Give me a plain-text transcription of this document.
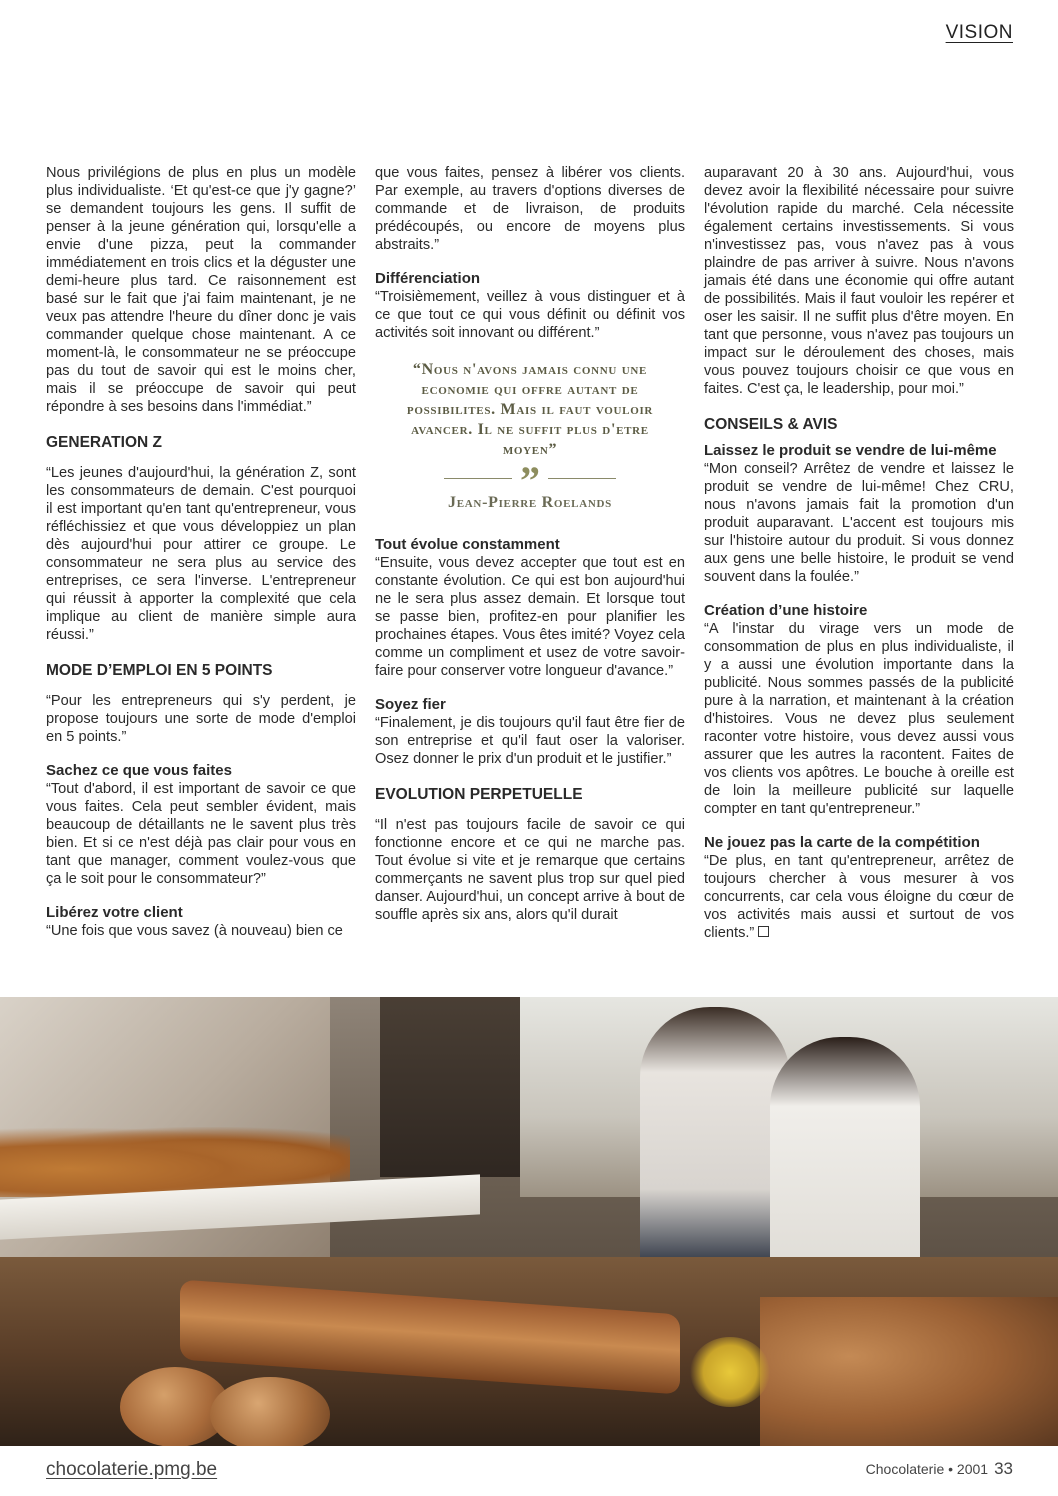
VISION

Nous privilégions de plus en plus un modèle plus individualiste. ‘Et qu'est-ce que j'y gagne?’ se demandent toujours les gens. Il suffit de penser à la jeune génération qui, lorsqu'elle a envie d'une pizza, peut la commander immédiatement en trois clics et la déguster une demi-heure plus tard. Ce raisonnement est basé sur le fait que j'ai faim maintenant, je ne veux pas attendre l'heure du dîner donc je vais commander quelque chose maintenant. A ce moment-là, le consommateur ne se préoccupe pas du tout de savoir qui est le moins cher, mais il se préoccupe de savoir qui peut répondre à ses besoins dans l'immédiat.”

GENERATION Z

“Les jeunes d'aujourd'hui, la génération Z, sont les consommateurs de demain. C'est pourquoi il est important qu'en tant qu'entrepreneur, vous réfléchissiez et que vous développiez un plan dès aujourd'hui pour attirer ce groupe. Le consommateur ne sera plus au service des entreprises, ce sera l'inverse. L'entrepreneur qui réussit à apporter la complexité que cela implique au client de manière simple aura réussi.”

MODE D’EMPLOI EN 5 POINTS

“Pour les entrepreneurs qui s'y perdent, je propose toujours une sorte de mode d'emploi en 5 points.”

Sachez ce que vous faites

“Tout d'abord, il est important de savoir ce que vous faites. Cela peut sembler évident, mais beaucoup de détaillants ne le savent plus très bien. Et si ce n'est déjà pas clair pour vous en tant que manager, comment voulez-vous que ça le soit pour le consommateur?”

Libérez votre client

“Une fois que vous savez (à nouveau) bien ce

que vous faites, pensez à libérer vos clients. Par exemple, au travers d'options diverses de commande et de livraison, de produits prédécoupés, ou encore de moyens plus abstraits.”

Différenciation

“Troisièmement, veillez à vous distinguer et à ce que tout ce qui vous définit ou définit vos activités soit innovant ou différent.”

“Nous n'avons jamais connu une economie qui offre autant de possibilites. Mais il faut vouloir avancer. Il ne suffit plus d'etre moyen”
”
Jean-Pierre Roelands

Tout évolue constamment

“Ensuite, vous devez accepter que tout est en constante évolution. Ce qui est bon aujourd'hui ne le sera plus assez demain. Et lorsque tout se passe bien, profitez-en pour planifier les prochaines étapes. Vous êtes imité? Voyez cela comme un compliment et usez de votre savoir-faire pour conserver votre longueur d'avance.”

Soyez fier

“Finalement, je dis toujours qu'il faut être fier de son entreprise et qu'il faut oser la valoriser. Osez donner le prix d'un produit et le justifier.”

EVOLUTION PERPETUELLE

“Il n'est pas toujours facile de savoir ce qui fonctionne encore et ce qui ne marche pas. Tout évolue si vite et je remarque que certains commerçants ne savent plus trop sur quel pied danser. Aujourd'hui, un concept arrive à bout de souffle après six ans, alors qu'il durait

auparavant 20 à 30 ans. Aujourd'hui, vous devez avoir la flexibilité nécessaire pour suivre l'évolution rapide du marché. Cela nécessite également certains investissements. Si vous n'investissez pas, vous n'avez pas à vous plaindre de pas arriver à suivre. Nous n'avons jamais été dans une économie qui offre autant de possibilités. Mais il faut vouloir les repérer et oser les saisir. Il ne suffit plus d'être moyen. En tant que personne, vous n'avez pas toujours un impact sur le déroulement des choses, mais vous pouvez toujours choisir ce que vous en faites. C'est ça, le leadership, pour moi.”

CONSEILS & AVIS

Laissez le produit se vendre de lui-même

“Mon conseil? Arrêtez de vendre et laissez le produit se vendre de lui-même! Chez CRU, nous n'avons jamais fait la promotion d'un produit auparavant. L'accent est toujours mis sur l'histoire autour du produit. Si vous donnez aux gens une belle histoire, le produit se vend souvent dans la foulée.”

Création d’une histoire

“A l'instar du virage vers un mode de consommation de plus en plus individualiste, il y a aussi une évolution importante dans la publicité. Nous sommes passés de la publicité pure à la narration, et maintenant à la création d'histoires. Vous ne devez plus seulement raconter votre histoire, vous devez aussi vous assurer que les autres la racontent. Faites de vos clients vos apôtres. Le bouche à oreille est de loin la meilleure publicité sur laquelle compter en tant qu'entrepreneur.”

Ne jouez pas la carte de la compétition

“De plus, en tant qu'entrepreneur, arrêtez de toujours chercher à vous mesurer à vos concurrents, car cela vous éloigne du cœur de vos activités mais aussi et surtout de vos clients.”

chocolaterie.pmg.be	Chocolaterie • 2001 33
